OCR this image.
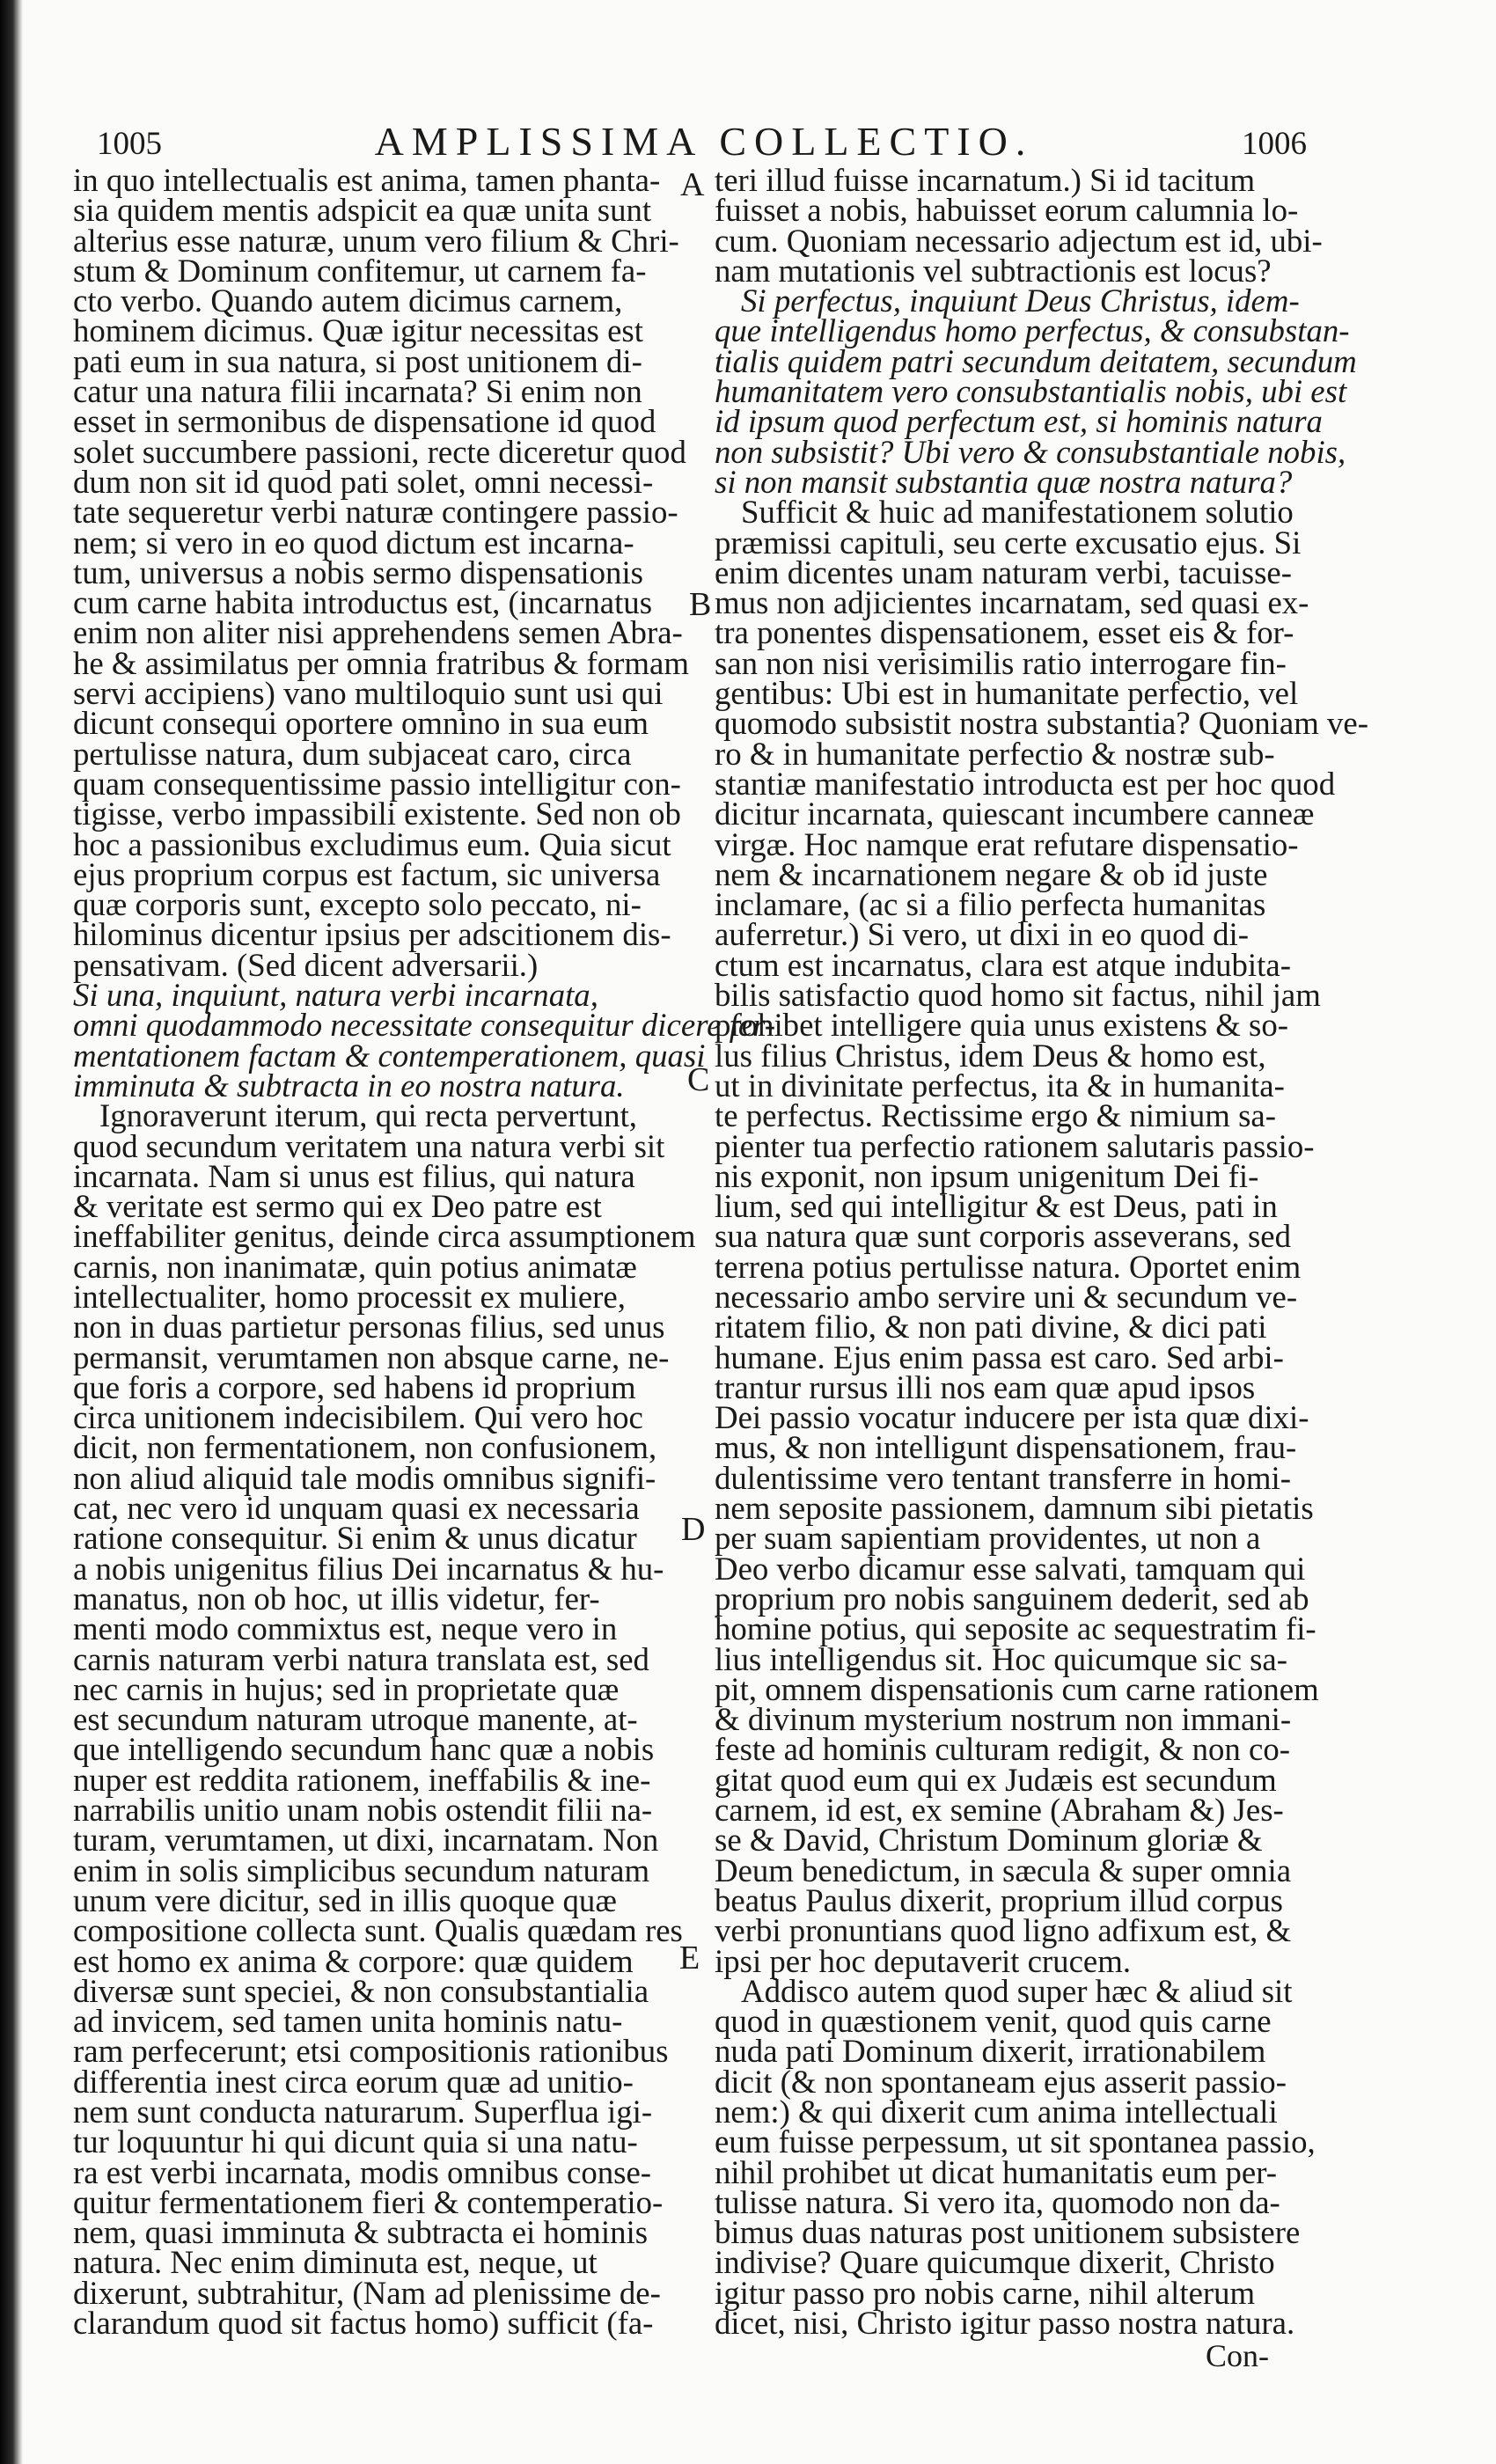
1005	AMPLISSIMA COLLECTIO.	1006
in quo intellectualis est anima, tamen phanta-
sia quidem mentis adspicit ea quæ unita sunt
alterius esse naturæ, unum vero filium & Chri-
stum & Dominum confitemur, ut carnem fa-
cto verbo. Quando autem dicimus carnem,
hominem dicimus. Quæ igitur necessitas est
pati eum in sua natura, si post unitionem di-
catur una natura filii incarnata? Si enim non
esset in sermonibus de dispensatione id quod
solet succumbere passioni, recte diceretur quod
dum non sit id quod pati solet, omni necessi-
tate sequeretur verbi naturæ contingere passio-
nem; si vero in eo quod dictum est incarna-
tum, universus a nobis sermo dispensationis
cum carne habita introductus est, (incarnatus
enim non aliter nisi apprehendens semen Abra-
he & assimilatus per omnia fratribus & formam
servi accipiens) vano multiloquio sunt usi qui
dicunt consequi oportere omnino in sua eum
pertulisse natura, dum subjaceat caro, circa
quam consequentissime passio intelligitur con-
tigisse, verbo impassibili existente. Sed non ob
hoc a passionibus excludimus eum. Quia sicut
ejus proprium corpus est factum, sic universa
quæ corporis sunt, excepto solo peccato, ni-
hilominus dicentur ipsius per adscitionem dis-
pensativam. (Sed dicent adversarii.)
Si una, inquiunt, natura verbi incarnata,
omni quodammodo necessitate consequitur dicere fer-
mentationem factam & contemperationem, quasi
imminuta & subtracta in eo nostra natura.
Ignoraverunt iterum, qui recta pervertunt,
quod secundum veritatem una natura verbi sit
incarnata. Nam si unus est filius, qui natura
& veritate est sermo qui ex Deo patre est
ineffabiliter genitus, deinde circa assumptionem
carnis, non inanimatæ, quin potius animatæ
intellectualiter, homo processit ex muliere,
non in duas partietur personas filius, sed unus
permansit, verumtamen non absque carne, ne-
que foris a corpore, sed habens id proprium
circa unitionem indecisibilem. Qui vero hoc
dicit, non fermentationem, non confusionem,
non aliud aliquid tale modis omnibus signifi-
cat, nec vero id unquam quasi ex necessaria
ratione consequitur. Si enim & unus dicatur
a nobis unigenitus filius Dei incarnatus & hu-
manatus, non ob hoc, ut illis videtur, fer-
menti modo commixtus est, neque vero in
carnis naturam verbi natura translata est, sed
nec carnis in hujus; sed in proprietate quæ
est secundum naturam utroque manente, at-
que intelligendo secundum hanc quæ a nobis
nuper est reddita rationem, ineffabilis & ine-
narrabilis unitio unam nobis ostendit filii na-
turam, verumtamen, ut dixi, incarnatam. Non
enim in solis simplicibus secundum naturam
unum vere dicitur, sed in illis quoque quæ
compositione collecta sunt. Qualis quædam res
est homo ex anima & corpore: quæ quidem
diversæ sunt speciei, & non consubstantialia
ad invicem, sed tamen unita hominis natu-
ram perfecerunt; etsi compositionis rationibus
differentia inest circa eorum quæ ad unitio-
nem sunt conducta naturarum. Superflua igi-
tur loquuntur hi qui dicunt quia si una natu-
ra est verbi incarnata, modis omnibus conse-
quitur fermentationem fieri & contemperatio-
nem, quasi imminuta & subtracta ei hominis
natura. Nec enim diminuta est, neque, ut
dixerunt, subtrahitur, (Nam ad plenissime de-
clarandum quod sit factus homo) sufficit (fa-
teri illud fuisse incarnatum.) Si id tacitum
fuisset a nobis, habuisset eorum calumnia lo-
cum. Quoniam necessario adjectum est id, ubi-
nam mutationis vel subtractionis est locus?
Si perfectus, inquiunt Deus Christus, idem-
que intelligendus homo perfectus, & consubstan-
tialis quidem patri secundum deitatem, secundum
humanitatem vero consubstantialis nobis, ubi est
id ipsum quod perfectum est, si hominis natura
non subsistit? Ubi vero & consubstantiale nobis,
si non mansit substantia quæ nostra natura?
Sufficit & huic ad manifestationem solutio
præmissi capituli, seu certe excusatio ejus. Si
enim dicentes unam naturam verbi, tacuisse-
mus non adjicientes incarnatam, sed quasi ex-
tra ponentes dispensationem, esset eis & for-
san non nisi verisimilis ratio interrogare fin-
gentibus: Ubi est in humanitate perfectio, vel
quomodo subsistit nostra substantia? Quoniam ve-
ro & in humanitate perfectio & nostræ sub-
stantiæ manifestatio introducta est per hoc quod
dicitur incarnata, quiescant incumbere canneæ
virgæ. Hoc namque erat refutare dispensatio-
nem & incarnationem negare & ob id juste
inclamare, (ac si a filio perfecta humanitas
auferretur.) Si vero, ut dixi in eo quod di-
ctum est incarnatus, clara est atque indubita-
bilis satisfactio quod homo sit factus, nihil jam
prohibet intelligere quia unus existens & so-
lus filius Christus, idem Deus & homo est,
ut in divinitate perfectus, ita & in humanita-
te perfectus. Rectissime ergo & nimium sa-
pienter tua perfectio rationem salutaris passio-
nis exponit, non ipsum unigenitum Dei fi-
lium, sed qui intelligitur & est Deus, pati in
sua natura quæ sunt corporis asseverans, sed
terrena potius pertulisse natura. Oportet enim
necessario ambo servire uni & secundum ve-
ritatem filio, & non pati divine, & dici pati
humane. Ejus enim passa est caro. Sed arbi-
trantur rursus illi nos eam quæ apud ipsos
Dei passio vocatur inducere per ista quæ dixi-
mus, & non intelligunt dispensationem, frau-
dulentissime vero tentant transferre in homi-
nem seposite passionem, damnum sibi pietatis
per suam sapientiam providentes, ut non a
Deo verbo dicamur esse salvati, tamquam qui
proprium pro nobis sanguinem dederit, sed ab
homine potius, qui seposite ac sequestratim fi-
lius intelligendus sit. Hoc quicumque sic sa-
pit, omnem dispensationis cum carne rationem
& divinum mysterium nostrum non immani-
feste ad hominis culturam redigit, & non co-
gitat quod eum qui ex Judæis est secundum
carnem, id est, ex semine (Abraham &) Jes-
se & David, Christum Dominum gloriæ &
Deum benedictum, in sæcula & super omnia
beatus Paulus dixerit, proprium illud corpus
verbi pronuntians quod ligno adfixum est, &
ipsi per hoc deputaverit crucem.
Addisco autem quod super hæc & aliud sit
quod in quæstionem venit, quod quis carne
nuda pati Dominum dixerit, irrationabilem
dicit (& non spontaneam ejus asserit passio-
nem:) & qui dixerit cum anima intellectuali
eum fuisse perpessum, ut sit spontanea passio,
nihil prohibet ut dicat humanitatis eum per-
tulisse natura. Si vero ita, quomodo non da-
bimus duas naturas post unitionem subsistere
indivise? Quare quicumque dixerit, Christo
igitur passo pro nobis carne, nihil alterum
dicet, nisi, Christo igitur passo nostra natura.
A
B
C
D
E
Con-
